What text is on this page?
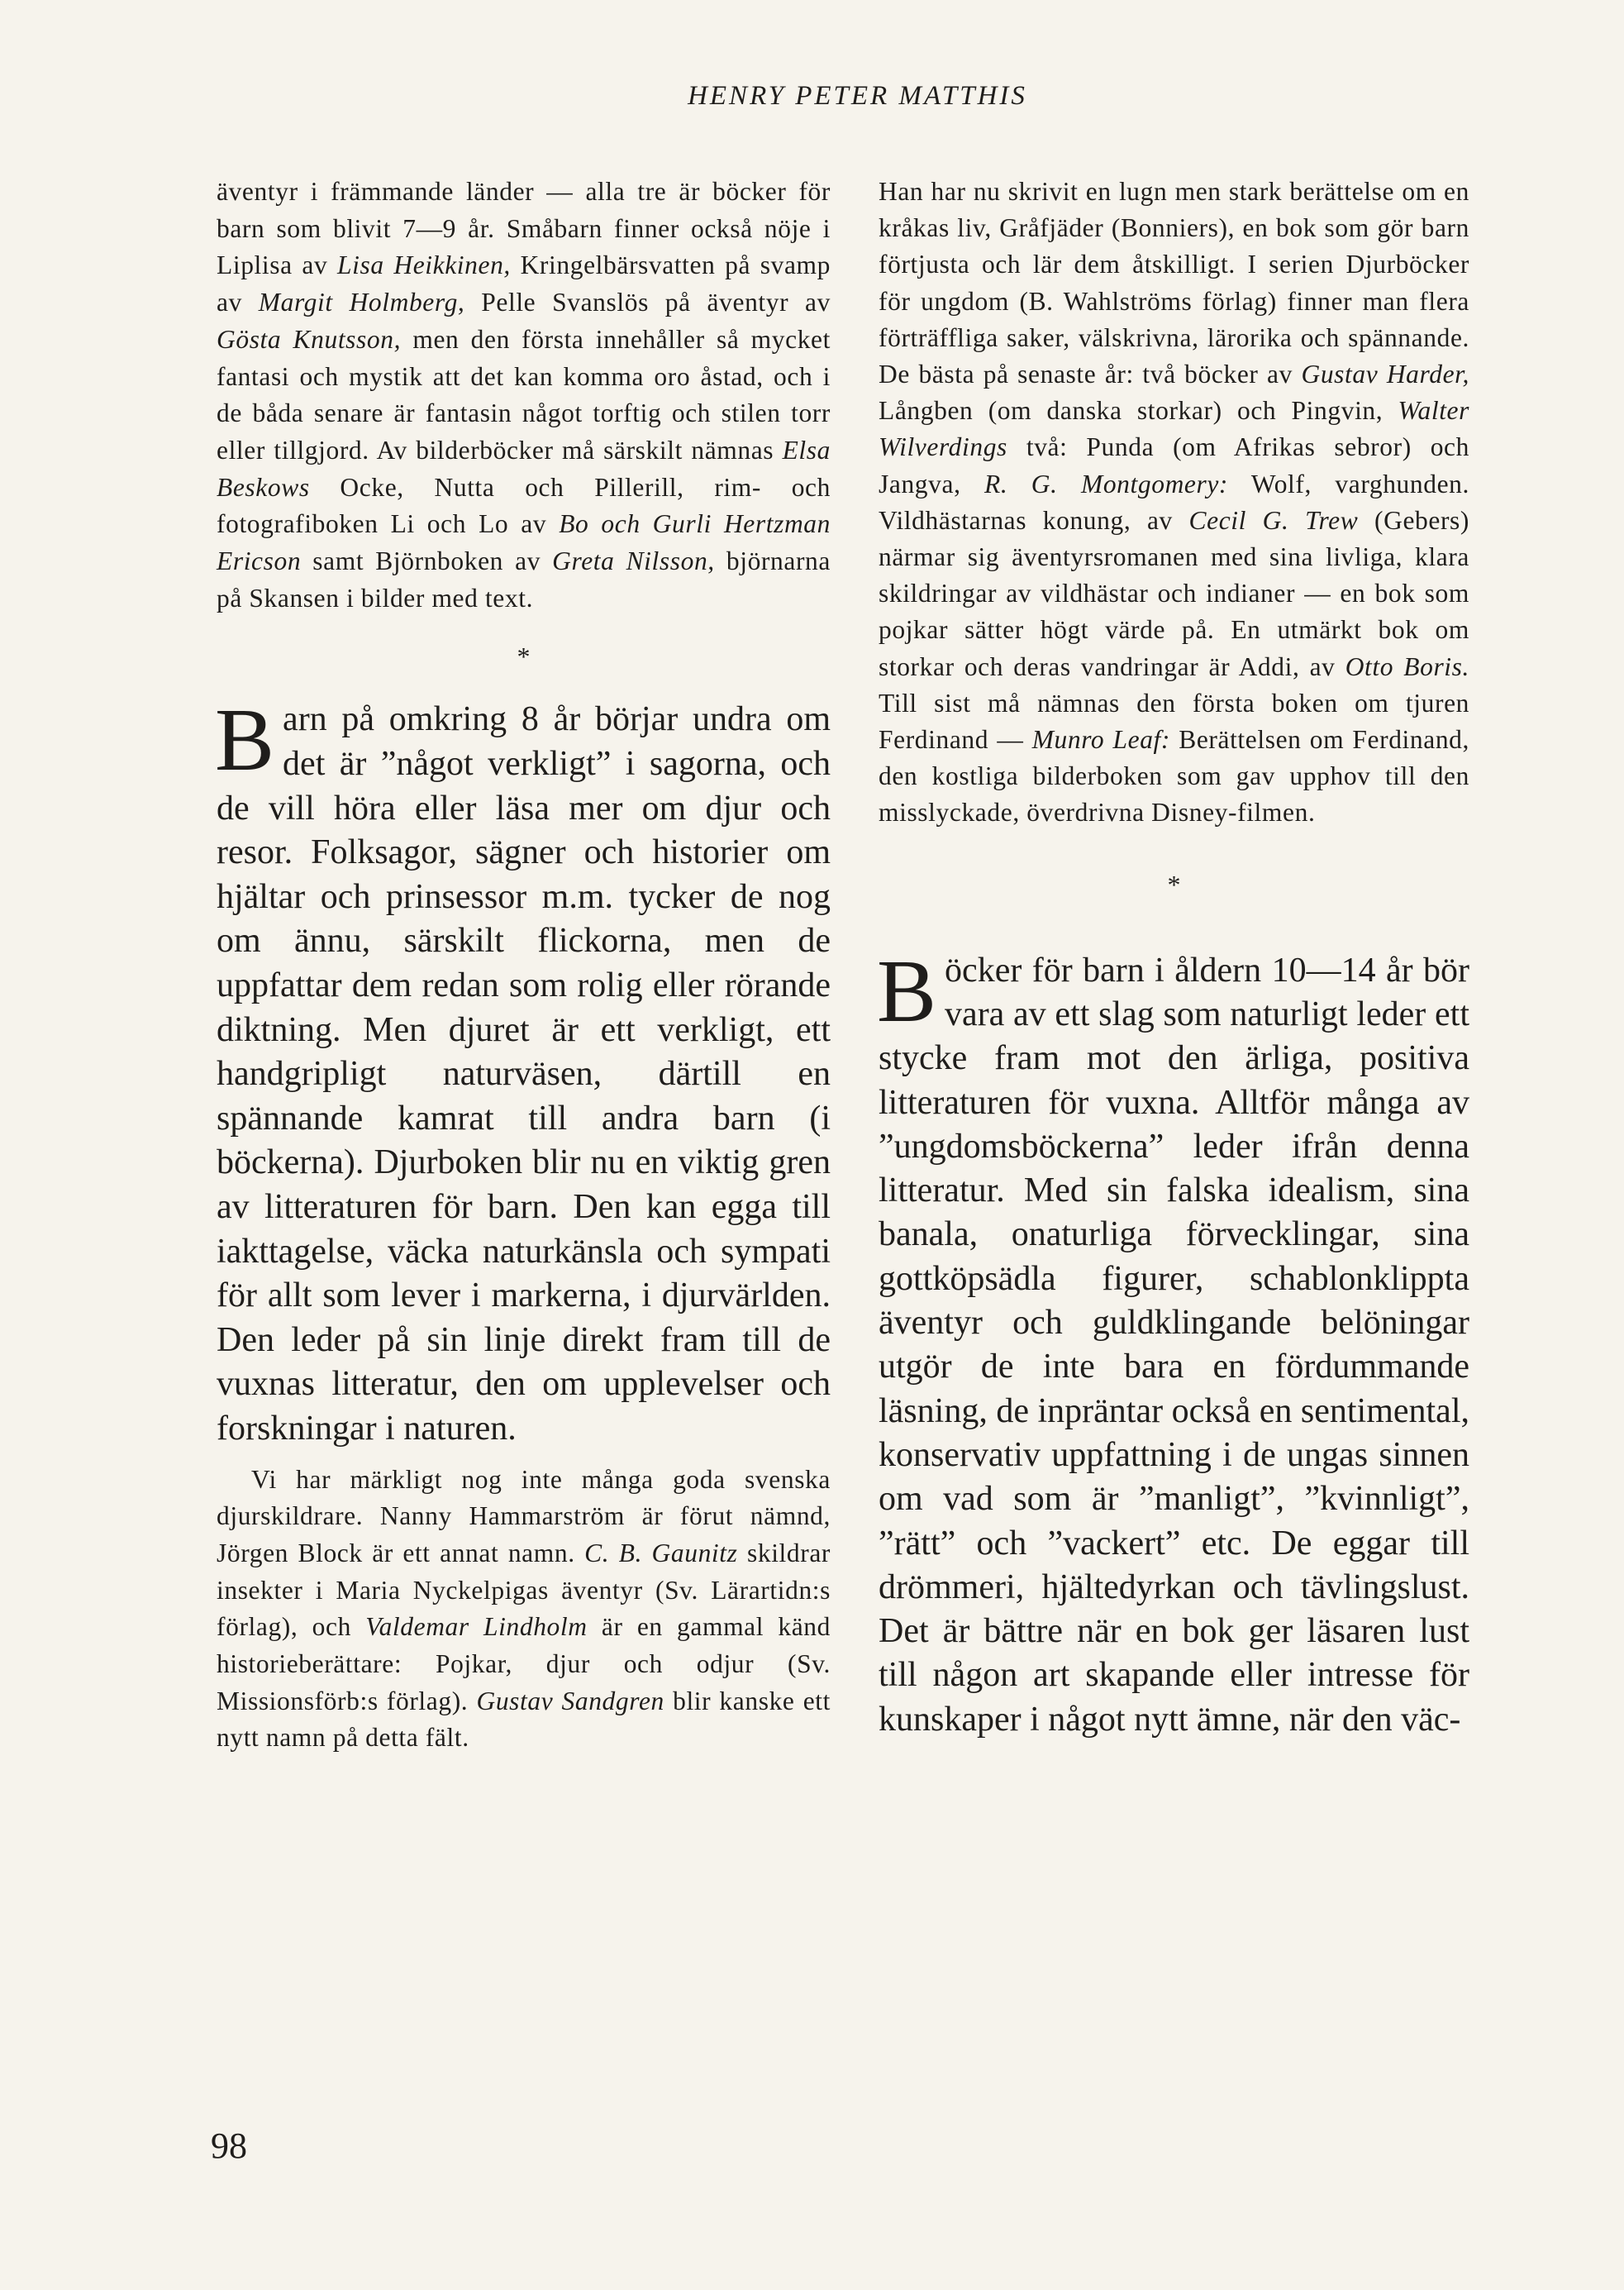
HENRY PETER MATTHIS

äventyr i främmande länder — alla tre är böcker för barn som blivit 7—9 år. Småbarn finner också nöje i Liplisa av Lisa Heikkinen, Kringelbärsvatten på svamp av Margit Holmberg, Pelle Svanslös på äventyr av Gösta Knutsson, men den första innehåller så mycket fantasi och mystik att det kan komma oro åstad, och i de båda senare är fantasin något torftig och stilen torr eller tillgjord. Av bilderböcker må särskilt nämnas Elsa Beskows Ocke, Nutta och Pillerill, rim- och fotografiboken Li och Lo av Bo och Gurli Hertzman Ericson samt Björnboken av Greta Nilsson, björnarna på Skansen i bilder med text.

*

Barn på omkring 8 år börjar undra om det är ”något verkligt” i sagorna, och de vill höra eller läsa mer om djur och resor. Folksagor, sägner och historier om hjältar och prinsessor m.m. tycker de nog om ännu, särskilt flickorna, men de uppfattar dem redan som rolig eller rörande diktning. Men djuret är ett verkligt, ett handgripligt naturväsen, därtill en spännande kamrat till andra barn (i böckerna). Djurboken blir nu en viktig gren av litteraturen för barn. Den kan egga till iakttagelse, väcka naturkänsla och sympati för allt som lever i markerna, i djurvärlden. Den leder på sin linje direkt fram till de vuxnas litteratur, den om upplevelser och forskningar i naturen.

Vi har märkligt nog inte många goda svenska djurskildrare. Nanny Hammarström är förut nämnd, Jörgen Block är ett annat namn. C. B. Gaunitz skildrar insekter i Maria Nyckelpigas äventyr (Sv. Lärartidn:s förlag), och Valdemar Lindholm är en gammal känd historieberättare: Pojkar, djur och odjur (Sv. Missionsförb:s förlag). Gustav Sandgren blir kanske ett nytt namn på detta fält.

Han har nu skrivit en lugn men stark berättelse om en kråkas liv, Gråfjäder (Bonniers), en bok som gör barn förtjusta och lär dem åtskilligt. I serien Djurböcker för ungdom (B. Wahlströms förlag) finner man flera förträffliga saker, välskrivna, lärorika och spännande. De bästa på senaste år: två böcker av Gustav Harder, Långben (om danska storkar) och Pingvin, Walter Wilverdings två: Punda (om Afrikas sebror) och Jangva, R. G. Montgomery: Wolf, varghunden. Vildhästarnas konung, av Cecil G. Trew (Gebers) närmar sig äventyrsromanen med sina livliga, klara skildringar av vildhästar och indianer — en bok som pojkar sätter högt värde på. En utmärkt bok om storkar och deras vandringar är Addi, av Otto Boris. Till sist må nämnas den första boken om tjuren Ferdinand — Munro Leaf: Berättelsen om Ferdinand, den kostliga bilderboken som gav upphov till den misslyckade, överdrivna Disney-filmen.

*

Böcker för barn i åldern 10—14 år bör vara av ett slag som naturligt leder ett stycke fram mot den ärliga, positiva litteraturen för vuxna. Alltför många av ”ungdomsböckerna” leder ifrån denna litteratur. Med sin falska idealism, sina banala, onaturliga förvecklingar, sina gottköpsädla figurer, schablonklippta äventyr och guldklingande belöningar utgör de inte bara en fördummande läsning, de inpräntar också en sentimental, konservativ uppfattning i de ungas sinnen om vad som är ”manligt”, ”kvinnligt”, ”rätt” och ”vackert” etc. De eggar till drömmeri, hjältedyrkan och tävlingslust. Det är bättre när en bok ger läsaren lust till någon art skapande eller intresse för kunskaper i något nytt ämne, när den väc-

98
